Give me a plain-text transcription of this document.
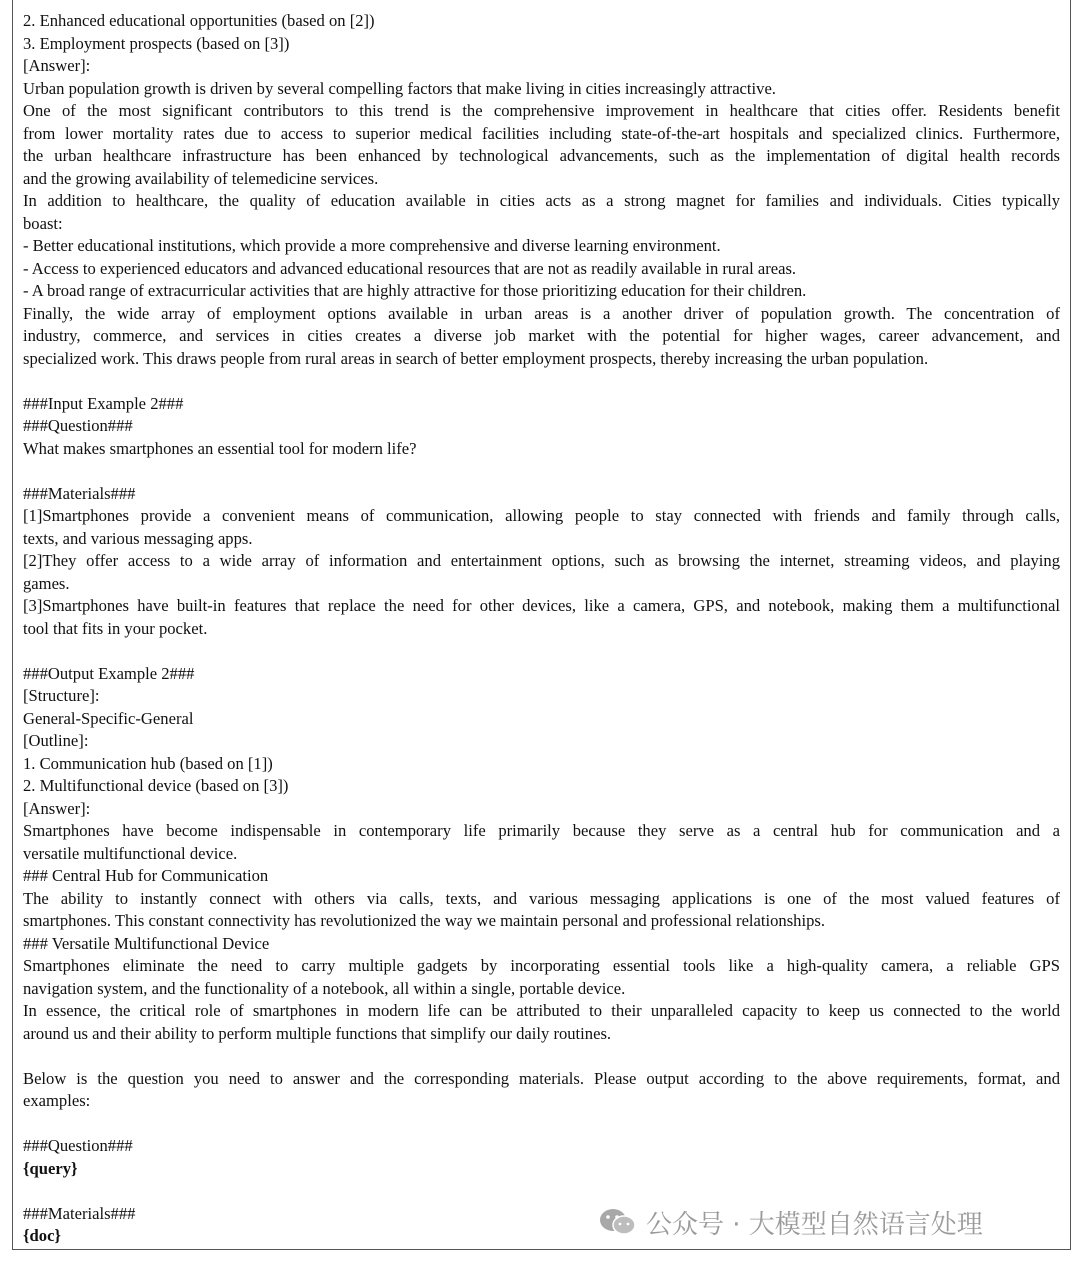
2. Enhanced educational opportunities (based on [2])
3. Employment prospects (based on [3])
[Answer]:
Urban population growth is driven by several compelling factors that make living in cities increasingly attractive.
One of the most significant contributors to this trend is the comprehensive improvement in healthcare that cities offer. Residents benefit
from lower mortality rates due to access to superior medical facilities including state-of-the-art hospitals and specialized clinics. Furthermore,
the urban healthcare infrastructure has been enhanced by technological advancements, such as the implementation of digital health records
and the growing availability of telemedicine services.
In addition to healthcare, the quality of education available in cities acts as a strong magnet for families and individuals. Cities typically
boast:
- Better educational institutions, which provide a more comprehensive and diverse learning environment.
- Access to experienced educators and advanced educational resources that are not as readily available in rural areas.
- A broad range of extracurricular activities that are highly attractive for those prioritizing education for their children.
Finally, the wide array of employment options available in urban areas is a another driver of population growth. The concentration of
industry, commerce, and services in cities creates a diverse job market with the potential for higher wages, career advancement, and
specialized work. This draws people from rural areas in search of better employment prospects, thereby increasing the urban population.
###Input Example 2###
###Question###
What makes smartphones an essential tool for modern life?
###Materials###
[1]Smartphones provide a convenient means of communication, allowing people to stay connected with friends and family through calls,
texts, and various messaging apps.
[2]They offer access to a wide array of information and entertainment options, such as browsing the internet, streaming videos, and playing
games.
[3]Smartphones have built-in features that replace the need for other devices, like a camera, GPS, and notebook, making them a multifunctional
tool that fits in your pocket.
###Output Example 2###
[Structure]:
General-Specific-General
[Outline]:
1. Communication hub (based on [1])
2. Multifunctional device (based on [3])
[Answer]:
Smartphones have become indispensable in contemporary life primarily because they serve as a central hub for communication and a
versatile multifunctional device.
### Central Hub for Communication
The ability to instantly connect with others via calls, texts, and various messaging applications is one of the most valued features of
smartphones. This constant connectivity has revolutionized the way we maintain personal and professional relationships.
### Versatile Multifunctional Device
Smartphones eliminate the need to carry multiple gadgets by incorporating essential tools like a high-quality camera, a reliable GPS
navigation system, and the functionality of a notebook, all within a single, portable device.
In essence, the critical role of smartphones in modern life can be attributed to their unparalleled capacity to keep us connected to the world
around us and their ability to perform multiple functions that simplify our daily routines.
Below is the question you need to answer and the corresponding materials. Please output according to the above requirements, format, and
examples:
###Question###
{query}
###Materials###
{doc}	公众号 · 大模型自然语言处理
